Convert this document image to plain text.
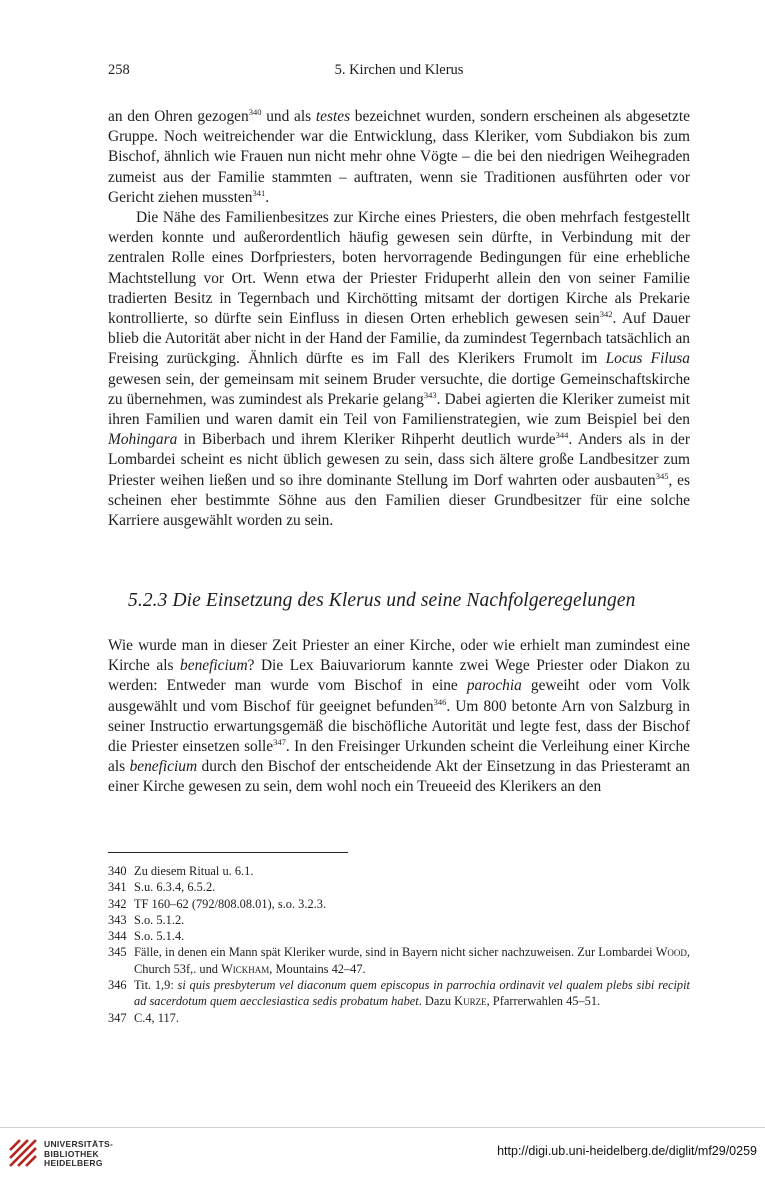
258	5. Kirchen und Klerus

an den Ohren gezogen$^{340}$ und als testes bezeichnet wurden, sondern erscheinen als abgesetzte Gruppe. Noch weitreichender war die Entwicklung, dass Kleriker, vom Subdiakon bis zum Bischof, ähnlich wie Frauen nun nicht mehr ohne Vögte – die bei den niedrigen Weihegraden zumeist aus der Familie stammten – auftraten, wenn sie Traditionen ausführten oder vor Gericht ziehen mussten$^{341}$.

Die Nähe des Familienbesitzes zur Kirche eines Priesters, die oben mehrfach festgestellt werden konnte und außerordentlich häufig gewesen sein dürfte, in Verbindung mit der zentralen Rolle eines Dorfpriesters, boten hervorragende Bedingungen für eine erhebliche Machtstellung vor Ort. Wenn etwa der Priester Friduperht allein den von seiner Familie tradierten Besitz in Tegernbach und Kirchötting mitsamt der dortigen Kirche als Prekarie kontrollierte, so dürfte sein Einfluss in diesen Orten erheblich gewesen sein$^{342}$. Auf Dauer blieb die Autorität aber nicht in der Hand der Familie, da zumindest Tegernbach tatsächlich an Freising zurückging. Ähnlich dürfte es im Fall des Klerikers Frumolt im Locus Filusa gewesen sein, der gemeinsam mit seinem Bruder versuchte, die dortige Gemeinschaftskirche zu übernehmen, was zumindest als Prekarie gelang$^{343}$. Dabei agierten die Kleriker zumeist mit ihren Familien und waren damit ein Teil von Familienstrategien, wie zum Beispiel bei den Mohingara in Biberbach und ihrem Kleriker Rihperht deutlich wurde$^{344}$. Anders als in der Lombardei scheint es nicht üblich gewesen zu sein, dass sich ältere große Landbesitzer zum Priester weihen ließen und so ihre dominante Stellung im Dorf wahrten oder ausbauten$^{345}$, es scheinen eher bestimmte Söhne aus den Familien dieser Grundbesitzer für eine solche Karriere ausgewählt worden zu sein.

5.2.3 Die Einsetzung des Klerus und seine Nachfolgeregelungen

Wie wurde man in dieser Zeit Priester an einer Kirche, oder wie erhielt man zumindest eine Kirche als beneficium? Die Lex Baiuvariorum kannte zwei Wege Priester oder Diakon zu werden: Entweder man wurde vom Bischof in eine parochia geweiht oder vom Volk ausgewählt und vom Bischof für geeignet befunden$^{346}$. Um 800 betonte Arn von Salzburg in seiner Instructio erwartungsgemäß die bischöfliche Autorität und legte fest, dass der Bischof die Priester einsetzen solle$^{347}$. In den Freisinger Urkunden scheint die Verleihung einer Kirche als beneficium durch den Bischof der entscheidende Akt der Einsetzung in das Priesteramt an einer Kirche gewesen zu sein, dem wohl noch ein Treueeid des Klerikers an den

340 Zu diesem Ritual u. 6.1.
341 S.u. 6.3.4, 6.5.2.
342 TF 160–62 (792/808.08.01), s.o. 3.2.3.
343 S.o. 5.1.2.
344 S.o. 5.1.4.
345 Fälle, in denen ein Mann spät Kleriker wurde, sind in Bayern nicht sicher nachzuweisen. Zur Lombardei Wood, Church 53f,. und Wickham, Mountains 42–47.
346 Tit. 1,9: si quis presbyterum vel diaconum quem episcopus in parrochia ordinavit vel qualem plebs sibi recipit ad sacerdotum quem aecclesiastica sedis probatum habet. Dazu Kurze, Pfarrerwahlen 45–51.
347 C.4, 117.
UNIVERSITÄTS-
BIBLIOTHEK
HEIDELBERG
http://digi.ub.uni-heidelberg.de/diglit/mf29/0259
